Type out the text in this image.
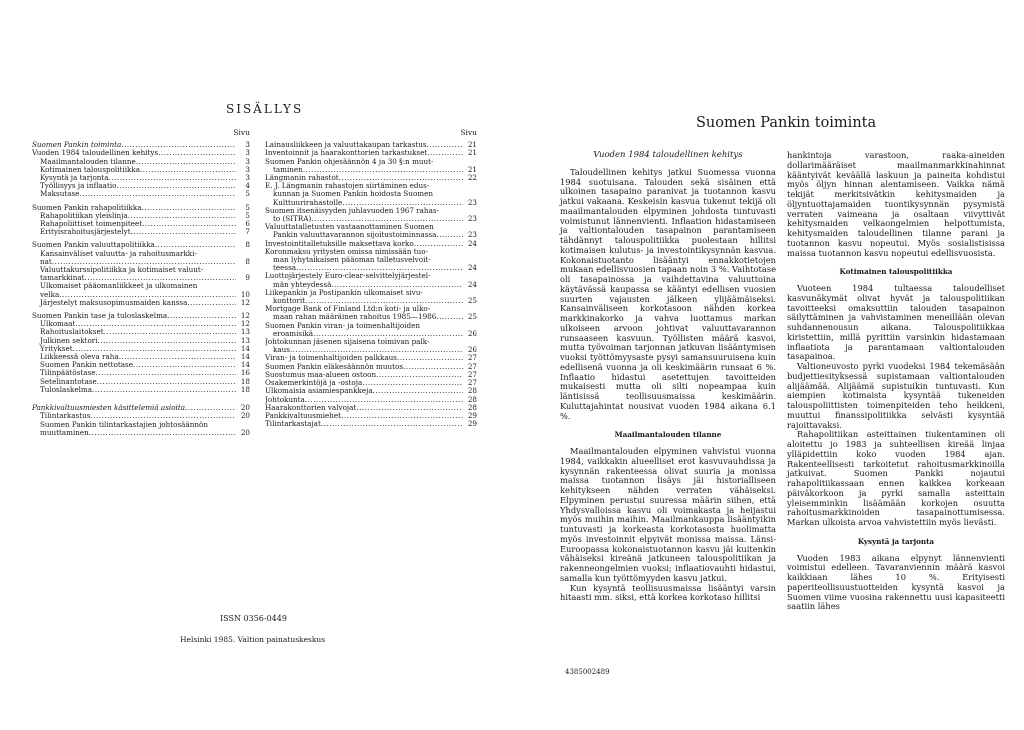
SISÄLLYS
Sivu
Suomen Pankin toiminta .....	3
Vuoden 1984 taloudellinen kehitys .....	3
Maailmantalouden tilanne .....	3
Kotimainen talouspolitiikka .....	3
Kysyntä ja tarjonta .....	3
Työllisyys ja inflaatio .....	4
Maksutase .....	5
Suomen Pankin rahapolitiikka .....	5
Rahapolitiikan yleislinja .....	5
Rahapoliittiset toimenpiteet .....	6
Erityisrahoitusjärjestelyt .....	7
Suomen Pankin valuuttapolitiikka .....	8
Kansainväliset valuutta- ja rahoitusmarkki-
nat .....	8
Valuuttakurssipolitiikka ja kotimaiset valuut-
tamarkkinat .....	9
Ulkomaiset pääomanliikkeet ja ulkomainen
velka .....	10
Järjestelyt maksusopimusmaiden kanssa .....	12
Suomen Pankin tase ja tuloslaskelma .....	12
Ulkomaat .....	12
Rahoituslaitokset .....	13
Julkinen sektori .....	13
Yritykset .....	14
Liikkeessä oleva raha .....	14
Suomen Pankin nettotase .....	14
Tilinpäätöstase .....	16
Setelinantotase .....	18
Tuloslaskelma .....	18
Pankkivaltuusmiesten käsittelemiä asioita .....	20
Tilintarkastus .....	20
Suomen Pankin tilintarkastajien johtosäännön
muuttaminen .....	20
Sivu
Lainausliikkeen ja valuuttakaupan tarkastus .....	21
Inventoinnit ja haarakonttorien tarkastukset .....	21
Suomen Pankin ohjesäännön 4 ja 30 §:n muut-
taminen .....	21
Längmanin rahastot .....	22
E. J. Längmanin rahastojen siirtäminen edus-
kunnan ja Suomen Pankin hoidosta Suomen
Kulttuurirahastolle .....	23
Suomen itsenäisyyden juhlavuoden 1967 rahas-
to (SITRA) .....	23
Valuuttatalletusten vastaanottaminen Suomen
Pankin valuuttavarannon sijoitustoiminnassa .....	23
Investointitalletuksille maksettava korko .....	24
Koronmaksu yritysten omissa nimissään tuo-
man lyhytaikaisen pääoman talletusvelvoit-
teessa .....	24
Luottojärjestely Euro-clear-selvittelyjärjestel-
män yhteydessä .....	24
Liikepankin ja Postipankin ulkomaiset sivu-
konttorit .....	25
Mortgage Bank of Finland Ltd:n koti- ja ulko-
maan rahan määräinen rahoitus 1985—1986 .....	25
Suomen Pankin viran- ja toimenhaltijoiden
eroamisikä .....	26
Johtokunnan jäsenen sijaisena toimivan palk-
kaus .....	26
Viran- ja toimenhaltijoiden palkkaus .....	27
Suomen Pankin eläkesäännön muutos .....	27
Suostumus maa-alueen ostoon .....	27
Osakemerkintöjä ja -ostoja .....	27
Ulkomaisia asiamiespankkeja .....	28
Johtokunta .....	28
Haarakonttorien valvojat .....	28
Pankkivaltuusmiehet .....	29
Tilintarkastajat .....	29
ISSN 0356-0449
Helsinki 1985. Valtion painatuskeskus
Suomen Pankin toiminta

Vuoden 1984 taloudellinen kehitys

Taloudellinen kehitys jatkui Suomessa vuonna 1984 suotuisana. Talouden sekä sisäinen että ulkoinen tasapaino paranivat ja tuotannon kasvu jatkui vakaana. Keskeisin kasvua tukenut tekijä oli maailmantalouden elpyminen johdosta tuntuvasti voimistunut lännenvienti. Inflaation hidastamiseen ja valtiontalouden tasapainon parantamiseen tähdännyt talouspolitiikka puolestaan hillitsi kotimaisen kulutus- ja investointikysynnän kasvua. Kokonaistuotanto lisääntyi ennakkotietojen mukaan edellisvuosien tapaan noin 3 %. Vaihtotase oli tasapainossa ja vaihdettavina valuuttoina käytävässä kaupassa se kääntyi edellisen vuosien suurten vajausten jälkeen ylijäämäiseksi. Kansainväliseen korkotasoon nähden korkea markkinakorko ja vahva luottamus markan ulkoiseen arvoon johtivat valuuttavarannon runsaaseen kasvuun. Työllisten määrä kasvoi, mutta työvoiman tarjonnan jatkuvan lisääntymisen vuoksi työttömyysaste pysyi samansuuruisena kuin edellisenä vuonna ja oli keskimäärin runsaat 6 %. Inflaatio hidastui asetettujen tavoitteiden mukaisesti mutta oli silti nopeampaa kuin läntisissä teollisuusmaissa keskimäärin. Kuluttajahintat nousivat vuoden 1984 aikana 6.1 %.

Maailmantalouden tilanne

Maailmantalouden elpyminen vahvistui vuonna 1984, vaikkakin alueelliset erot kasvuvauhdissa ja kysynnän rakenteessa olivat suuria ja monissa maissa tuotannon lisäys jäi historialliseen kehitykseen nähden verraten vähäiseksi. Elpyminen perustui suuressa määrin siihen, että Yhdysvalloissa kasvu oli voimakasta ja heijastui myös muihin maihin. Maailmankauppa lisääntyikin tuntuvasti ja korkeasta korkotasosta huolimatta myös investoinnit elpyivät monissa maissa. Länsi-Euroopassa kokonaistuotannon kasvu jäi kuitenkin vähäiseksi kireänä jatkuneen talouspolitiikan ja rakenneongelmien vuoksi; inflaatiovauhti hidastui, samalla kun työttömyyden kasvu jatkui.

Kun kysyntä teollisuusmaissa lisääntyi varsin hitaasti mm. siksi, että korkea korkotaso hillitsi

hankintoja varastoon, raaka-aineiden dollarimääräiset maailmanmarkkinahinnat kääntyivät keväällä laskuun ja paineita kohdistui myös öljyn hinnan alentamiseen. Vaikka nämä tekijät merkitsivätkin kehitysmaiden ja öljyntuottajamaiden tuontikysynnän pysymistä verraten vaimeana ja osaltaan viivyttivät kehitysmaiden velkaongelmien helpottumista, kehitysmaiden taloudellinen tilanne parani ja tuotannon kasvu nopeutui. Myös sosialistisissa maissa tuotannon kasvu nopeutui edellisvuosista.

Kotimainen talouspolitiikka

Vuoteen 1984 tultaessa taloudelliset kasvunäkymät olivat hyvät ja talouspolitiikan tavoitteeksi omaksuttiin talouden tasapainon säilyttäminen ja vahvistaminen meneillään olevan suhdannenousun aikana. Talouspolitiikkaa kiristettiin, millä pyrittiin varsinkin hidastamaan inflaatiota ja parantamaan valtiontalouden tasapainoa.

Valtioneuvosto pyrki vuodeksi 1984 tekemäsään budjettiesityksessä supistamaan valtiontalouden alijäämää. Alijäämä supistuikin tuntuvasti. Kun aiempien kotimaista kysyntää tukeneiden talouspoliittisten toimenpiteiden teho heikkeni, muuttui finanssipolitiikka selvästi kysyntää rajoittavaksi.

Rahapolitiikan asteittainen tiukentaminen oli aloitettu jo 1983 ja suhteellisen kireää linjaa ylläpidettiin koko vuoden 1984 ajan. Rakenteellisesti tarkoitetut rahoitusmarkkinoilla jatkuivat. Suomen Pankki nojautui rahapolitiikassaan ennen kaikkea korkeaan päiväkorkoon ja pyrki samalla asteittain yleisemminkin lisäämään korkojen osuutta rahoitusmarkkinoiden tasapainottumisessa. Markan ulkoista arvoa vahvistettiin myös lievästi.

Kysyntä ja tarjonta

Vuoden 1983 aikana elpynyt lännenvienti voimistui edelleen. Tavaranviennin määrä kasvoi kaikkiaan lähes 10 %. Erityisesti paperiteollisuustuotteiden kysyntä kasvoi ja Suomen viime vuosina rakennettu uusi kapasiteetti saatiin lähes

4385002489
